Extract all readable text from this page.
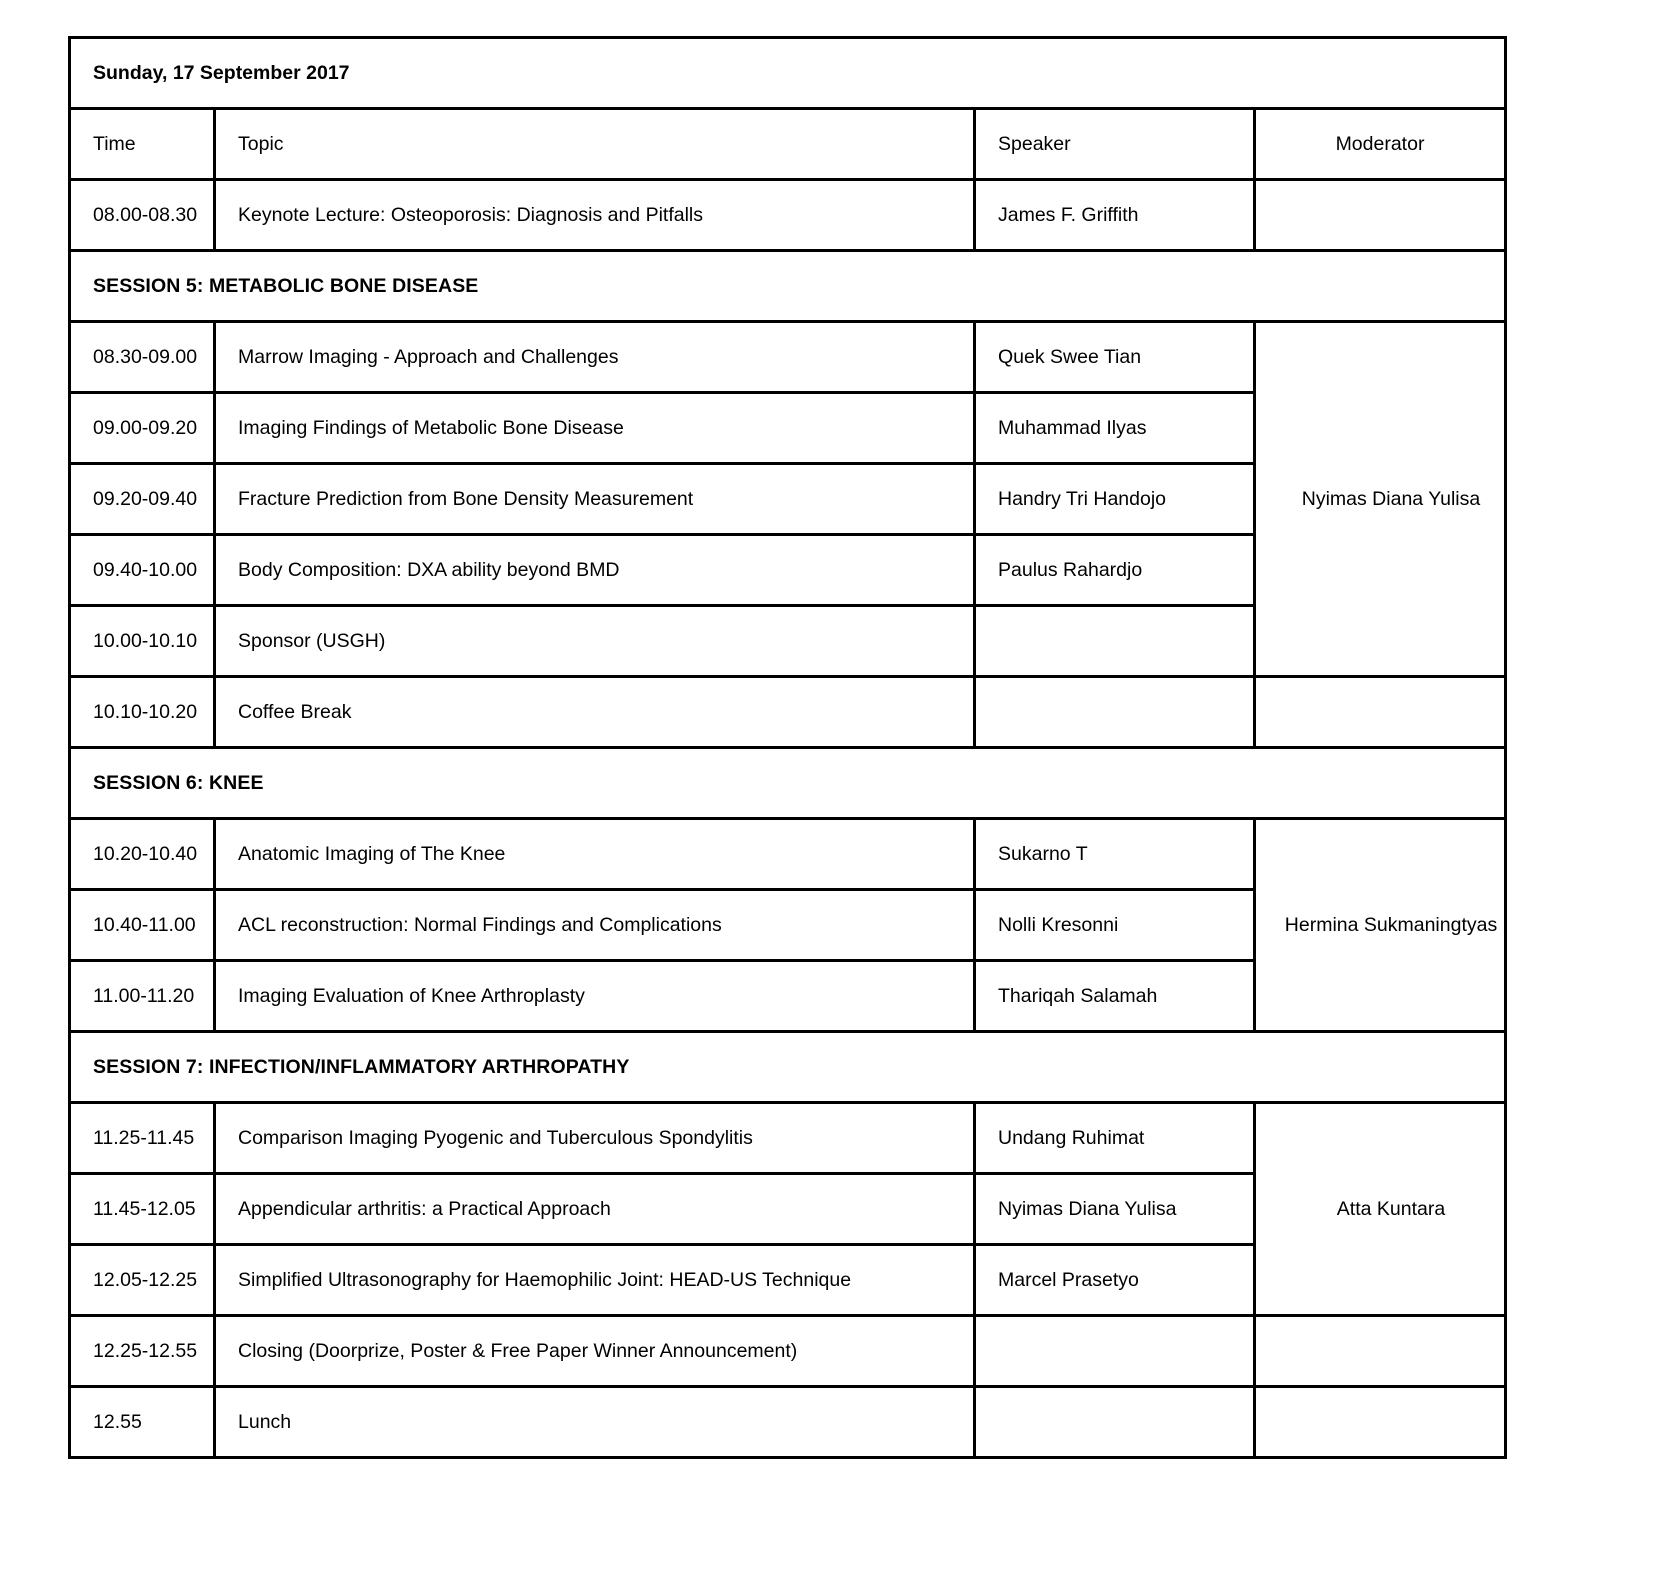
Sunday, 17 September 2017			
Time	Topic	Speaker	Moderator
08.00-08.30	Keynote Lecture: Osteoporosis: Diagnosis and Pitfalls	James F. Griffith	
SESSION 5: METABOLIC BONE DISEASE			
08.30-09.00	Marrow Imaging - Approach and Challenges	Quek Swee Tian	Nyimas Diana Yulisa
09.00-09.20	Imaging Findings of Metabolic Bone Disease	Muhammad Ilyas	
09.20-09.40	Fracture Prediction from Bone Density Measurement	Handry Tri Handojo	
09.40-10.00	Body Composition: DXA ability beyond BMD	Paulus Rahardjo	
10.00-10.10	Sponsor (USGH)		
10.10-10.20	Coffee Break		
SESSION 6: KNEE			
10.20-10.40	Anatomic Imaging of The Knee	Sukarno T	Hermina Sukmaningtyas
10.40-11.00	ACL reconstruction: Normal Findings and Complications	Nolli Kresonni	
11.00-11.20	Imaging Evaluation of Knee Arthroplasty	Thariqah Salamah	
SESSION 7: INFECTION/INFLAMMATORY ARTHROPATHY			
11.25-11.45	Comparison Imaging Pyogenic and Tuberculous Spondylitis	Undang Ruhimat	Atta Kuntara
11.45-12.05	Appendicular arthritis: a Practical Approach	Nyimas Diana Yulisa	
12.05-12.25	Simplified Ultrasonography for Haemophilic Joint: HEAD-US Technique	Marcel Prasetyo	
12.25-12.55	Closing (Doorprize, Poster & Free Paper Winner Announcement)		
12.55	Lunch		
